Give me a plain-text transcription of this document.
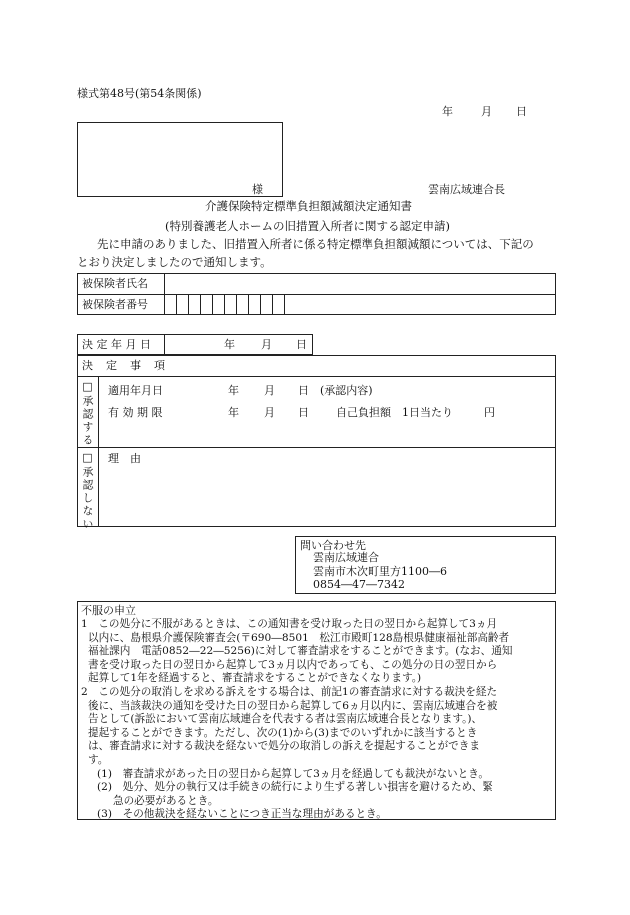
様式第48号(第54条関係)
年	月 日
様	雲南広域連合長
介護保険特定標準負担額減額決定通知書
(特別養護老人ホームの旧措置入所者に関する認定申請)
先に申請のありました、旧措置入所者に係る特定標準負担額減額については、下記の
とおり決定しましたので通知します。
被保険者氏名
被保険者番号
決 定 年 月 日	年 月 日
決　定　事　項
□承認する 適用年月日	年 月 日 (承認内容)
有 効 期 限	年 月 日 自己負担額　1日当たり	円
□承認しない 理　由
問い合わせ先
雲南広域連合
雲南市木次町里方1100―6
0854―47―7342
不服の申立
1　この処分に不服があるときは、この通知書を受け取った日の翌日から起算して3ヵ月
以内に、島根県介護保険審査会(〒690―8501　松江市殿町128島根県健康福祉部高齢者
福祉課内　電話0852―22―5256)に対して審査請求をすることができます。(なお、通知
書を受け取った日の翌日から起算して3ヵ月以内であっても、この処分の日の翌日から
起算して1年を経過すると、審査請求をすることができなくなります。)
2　この処分の取消しを求める訴えをする場合は、前記1の審査請求に対する裁決を経た
後に、当該裁決の通知を受けた日の翌日から起算して6ヵ月以内に、雲南広域連合を被
告として(訴訟において雲南広域連合を代表する者は雲南広域連合長となります。)、
提起することができます。ただし、次の(1)から(3)までのいずれかに該当するとき
は、審査請求に対する裁決を経ないで処分の取消しの訴えを提起することができま
す。
(1)　審査請求があった日の翌日から起算して3ヵ月を経過しても裁決がないとき。
(2)　処分、処分の執行又は手続きの続行により生ずる著しい損害を避けるため、緊
急の必要があるとき。
(3)　その他裁決を経ないことにつき正当な理由があるとき。
